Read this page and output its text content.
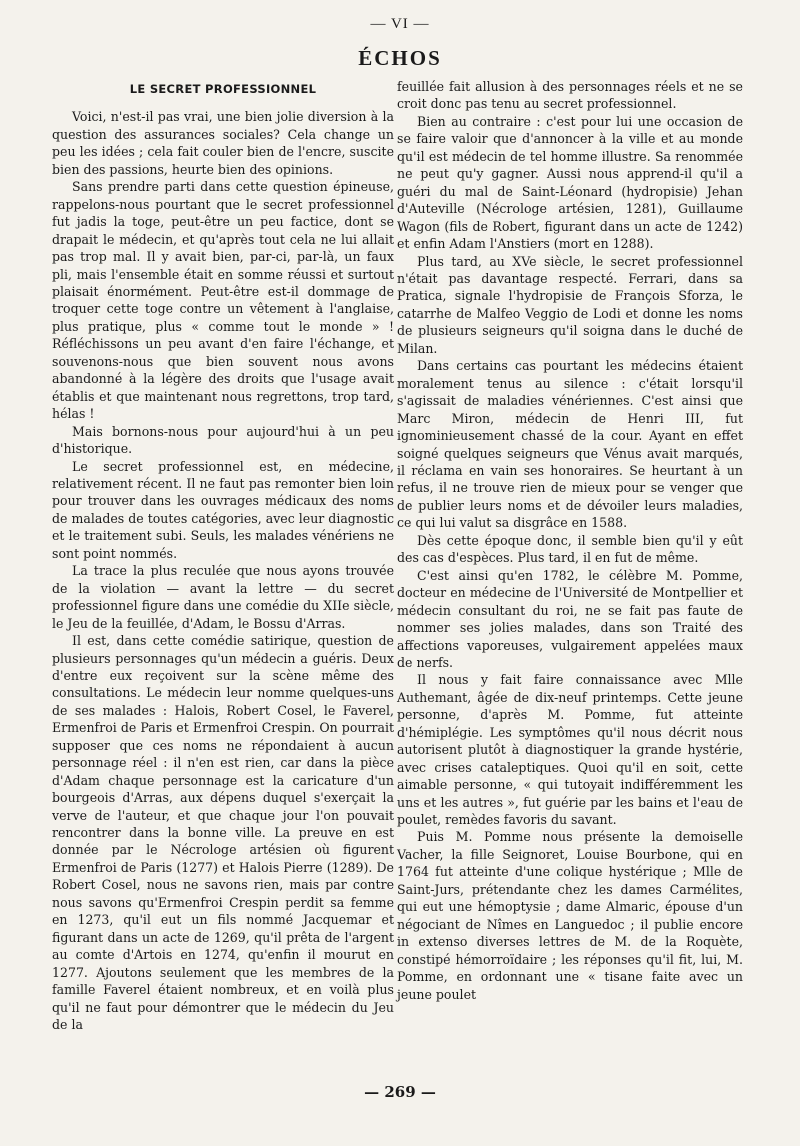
— VI —
ÉCHOS
LE SECRET PROFESSIONNEL

Voici, n'est-il pas vrai, une bien jolie diversion à la question des assurances sociales? Cela change un peu les idées ; cela fait couler bien de l'encre, suscite bien des passions, heurte bien des opinions.

Sans prendre parti dans cette question épineuse, rappelons-nous pourtant que le secret professionnel fut jadis la toge, peut-être un peu factice, dont se drapait le médecin, et qu'après tout cela ne lui allait pas trop mal. Il y avait bien, par-ci, par-là, un faux pli, mais l'ensemble était en somme réussi et surtout plaisait énormément. Peut-être est-il dommage de troquer cette toge contre un vêtement à l'anglaise, plus pratique, plus « comme tout le monde » ! Réfléchissons un peu avant d'en faire l'échange, et souvenons-nous que bien souvent nous avons abandonné à la légère des droits que l'usage avait établis et que maintenant nous regrettons, trop tard, hélas !

Mais bornons-nous pour aujourd'hui à un peu d'historique.

Le secret professionnel est, en médecine, relativement récent. Il ne faut pas remonter bien loin pour trouver dans les ouvrages médicaux des noms de malades de toutes catégories, avec leur diagnostic et le traitement subi. Seuls, les malades vénériens ne sont point nommés.

La trace la plus reculée que nous ayons trouvée de la violation — avant la lettre — du secret professionnel figure dans une comédie du XIIe siècle, le Jeu de la feuillée, d'Adam, le Bossu d'Arras.

Il est, dans cette comédie satirique, question de plusieurs personnages qu'un médecin a guéris. Deux d'entre eux reçoivent sur la scène même des consultations. Le médecin leur nomme quelques-uns de ses malades : Halois, Robert Cosel, le Faverel, Ermenfroi de Paris et Ermenfroi Crespin. On pourrait supposer que ces noms ne répondaient à aucun personnage réel : il n'en est rien, car dans la pièce d'Adam chaque personnage est la caricature d'un bourgeois d'Arras, aux dépens duquel s'exerçait la verve de l'auteur, et que chaque jour l'on pouvait rencontrer dans la bonne ville. La preuve en est donnée par le Nécrologe artésien où figurent Ermenfroi de Paris (1277) et Halois Pierre (1289). De Robert Cosel, nous ne savons rien, mais par contre nous savons qu'Ermenfroi Crespin perdit sa femme en 1273, qu'il eut un fils nommé Jacquemar et figurant dans un acte de 1269, qu'il prêta de l'argent au comte d'Artois en 1274, qu'enfin il mourut en 1277. Ajoutons seulement que les membres de la famille Faverel étaient nombreux, et en voilà plus qu'il ne faut pour démontrer que le médecin du Jeu de la

feuillée fait allusion à des personnages réels et ne se croit donc pas tenu au secret professionnel.

Bien au contraire : c'est pour lui une occasion de se faire valoir que d'annoncer à la ville et au monde qu'il est médecin de tel homme illustre. Sa renommée ne peut qu'y gagner. Aussi nous apprend-il qu'il a guéri du mal de Saint-Léonard (hydropisie) Jehan d'Auteville (Nécrologe artésien, 1281), Guillaume Wagon (fils de Robert, figurant dans un acte de 1242) et enfin Adam l'Anstiers (mort en 1288).

Plus tard, au XVe siècle, le secret professionnel n'était pas davantage respecté. Ferrari, dans sa Pratica, signale l'hydropisie de François Sforza, le catarrhe de Malfeo Veggio de Lodi et donne les noms de plusieurs seigneurs qu'il soigna dans le duché de Milan.

Dans certains cas pourtant les médecins étaient moralement tenus au silence : c'était lorsqu'il s'agissait de maladies vénériennes. C'est ainsi que Marc Miron, médecin de Henri III, fut ignominieusement chassé de la cour. Ayant en effet soigné quelques seigneurs que Vénus avait marqués, il réclama en vain ses honoraires. Se heurtant à un refus, il ne trouve rien de mieux pour se venger que de publier leurs noms et de dévoiler leurs maladies, ce qui lui valut sa disgrâce en 1588.

Dès cette époque donc, il semble bien qu'il y eût des cas d'espèces. Plus tard, il en fut de même.

C'est ainsi qu'en 1782, le célèbre M. Pomme, docteur en médecine de l'Université de Montpellier et médecin consultant du roi, ne se fait pas faute de nommer ses jolies malades, dans son Traité des affections vaporeuses, vulgairement appelées maux de nerfs.

Il nous y fait faire connaissance avec Mlle Authemant, âgée de dix-neuf printemps. Cette jeune personne, d'après M. Pomme, fut atteinte d'hémiplégie. Les symptômes qu'il nous décrit nous autorisent plutôt à diagnostiquer la grande hystérie, avec crises cataleptiques. Quoi qu'il en soit, cette aimable personne, « qui tutoyait indifféremment les uns et les autres », fut guérie par les bains et l'eau de poulet, remèdes favoris du savant.

Puis M. Pomme nous présente la demoiselle Vacher, la fille Seignoret, Louise Bourbone, qui en 1764 fut atteinte d'une colique hystérique ; Mlle de Saint-Jurs, prétendante chez les dames Carmélites, qui eut une hémoptysie ; dame Almaric, épouse d'un négociant de Nîmes en Languedoc ; il publie encore in extenso diverses lettres de M. de la Roquète, constipé hémorroïdaire ; les réponses qu'il fit, lui, M. Pomme, en ordonnant une « tisane faite avec un jeune poulet

— 269 —
